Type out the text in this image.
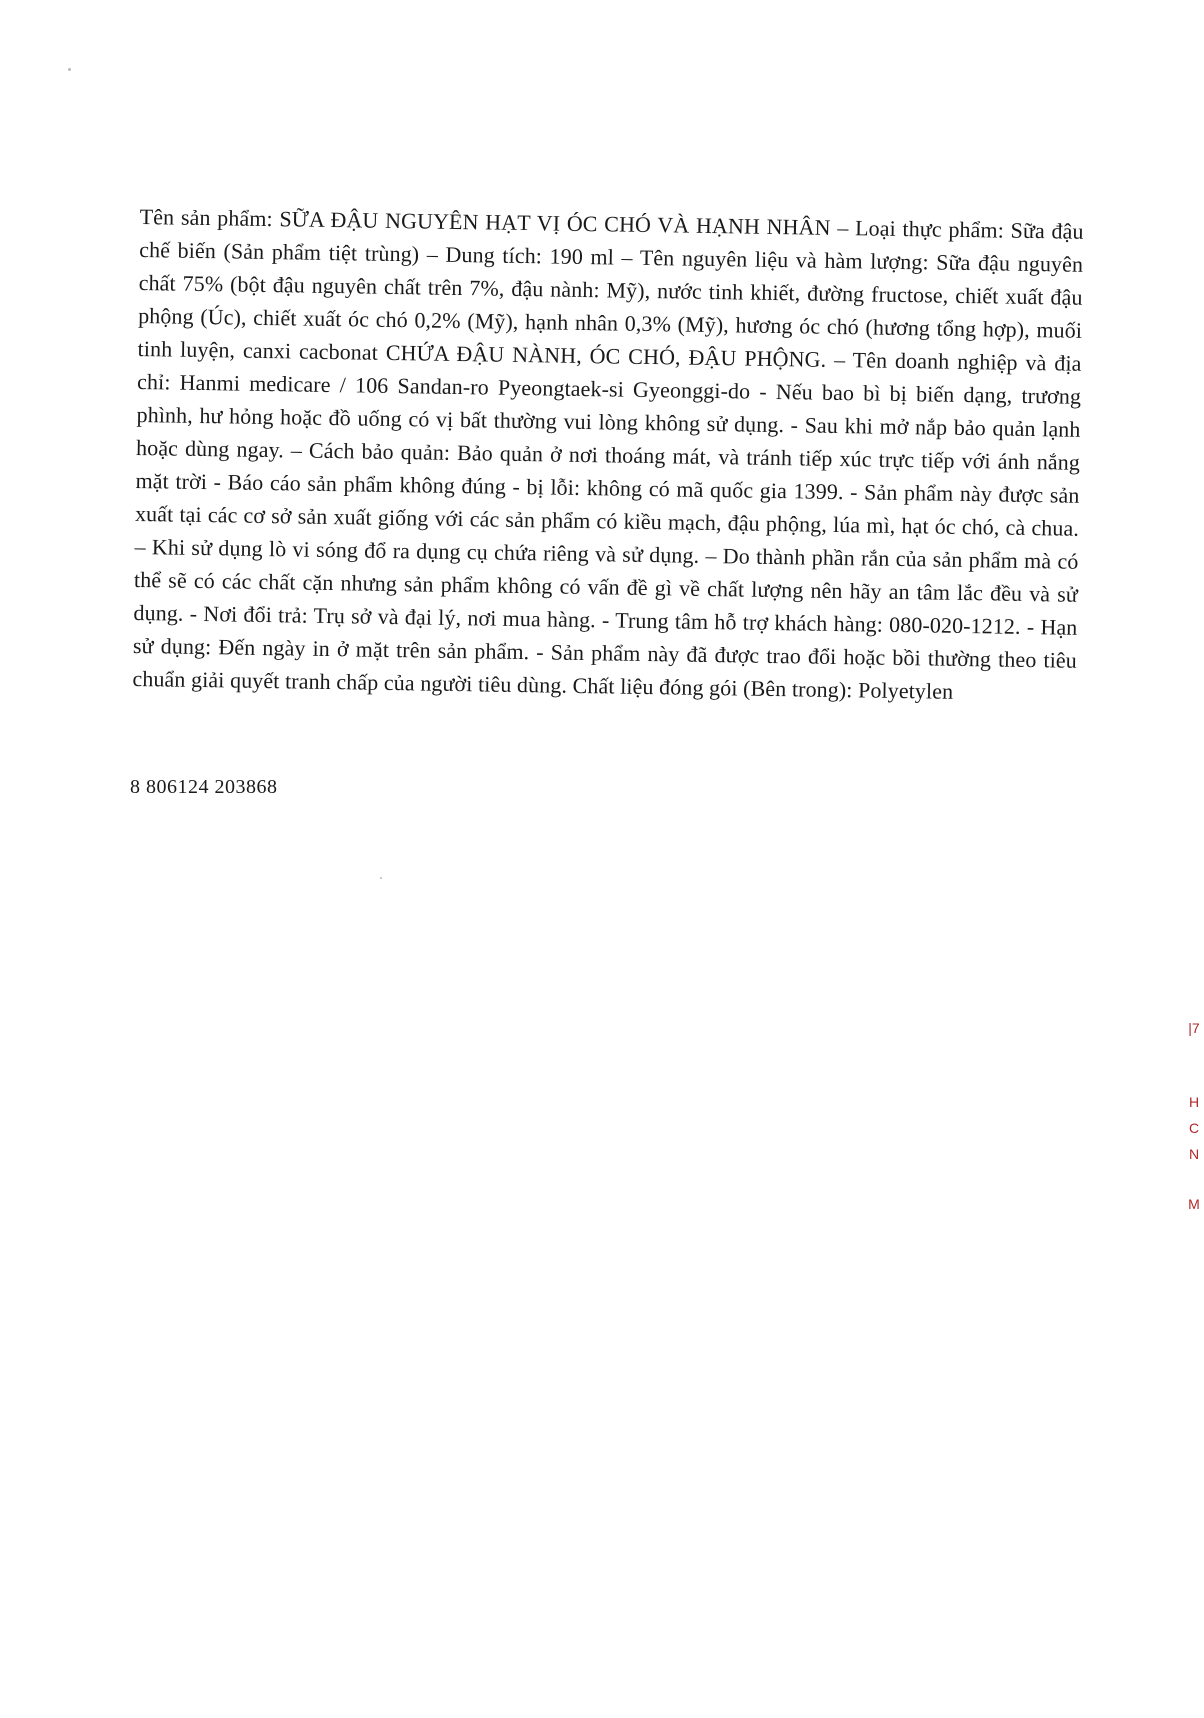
Tên sản phẩm: SỮA ĐẬU NGUYÊN HẠT VỊ ÓC CHÓ VÀ HẠNH NHÂN – Loại thực phẩm: Sữa đậu chế biến (Sản phẩm tiệt trùng) – Dung tích: 190 ml – Tên nguyên liệu và hàm lượng: Sữa đậu nguyên chất 75% (bột đậu nguyên chất trên 7%, đậu nành: Mỹ), nước tinh khiết, đường fructose, chiết xuất đậu phộng (Úc), chiết xuất óc chó 0,2% (Mỹ), hạnh nhân 0,3% (Mỹ), hương óc chó (hương tổng hợp), muối tinh luyện, canxi cacbonat CHỨA ĐẬU NÀNH, ÓC CHÓ, ĐẬU PHỘNG. – Tên doanh nghiệp và địa chỉ: Hanmi medicare / 106 Sandan-ro Pyeongtaek-si Gyeonggi-do - Nếu bao bì bị biến dạng, trương phình, hư hỏng hoặc đồ uống có vị bất thường vui lòng không sử dụng. - Sau khi mở nắp bảo quản lạnh hoặc dùng ngay. – Cách bảo quản: Bảo quản ở nơi thoáng mát, và tránh tiếp xúc trực tiếp với ánh nắng mặt trời - Báo cáo sản phẩm không đúng - bị lỗi: không có mã quốc gia 1399. - Sản phẩm này được sản xuất tại các cơ sở sản xuất giống với các sản phẩm có kiều mạch, đậu phộng, lúa mì, hạt óc chó, cà chua. – Khi sử dụng lò vi sóng đổ ra dụng cụ chứa riêng và sử dụng. – Do thành phần rắn của sản phẩm mà có thể sẽ có các chất cặn nhưng sản phẩm không có vấn đề gì về chất lượng nên hãy an tâm lắc đều và sử dụng. - Nơi đổi trả: Trụ sở và đại lý, nơi mua hàng. - Trung tâm hỗ trợ khách hàng: 080-020-1212. - Hạn sử dụng: Đến ngày in ở mặt trên sản phẩm. - Sản phẩm này đã được trao đổi hoặc bồi thường theo tiêu chuẩn giải quyết tranh chấp của người tiêu dùng. Chất liệu đóng gói (Bên trong): Polyetylen

8 806124 203868

|7
H
C
N
M
